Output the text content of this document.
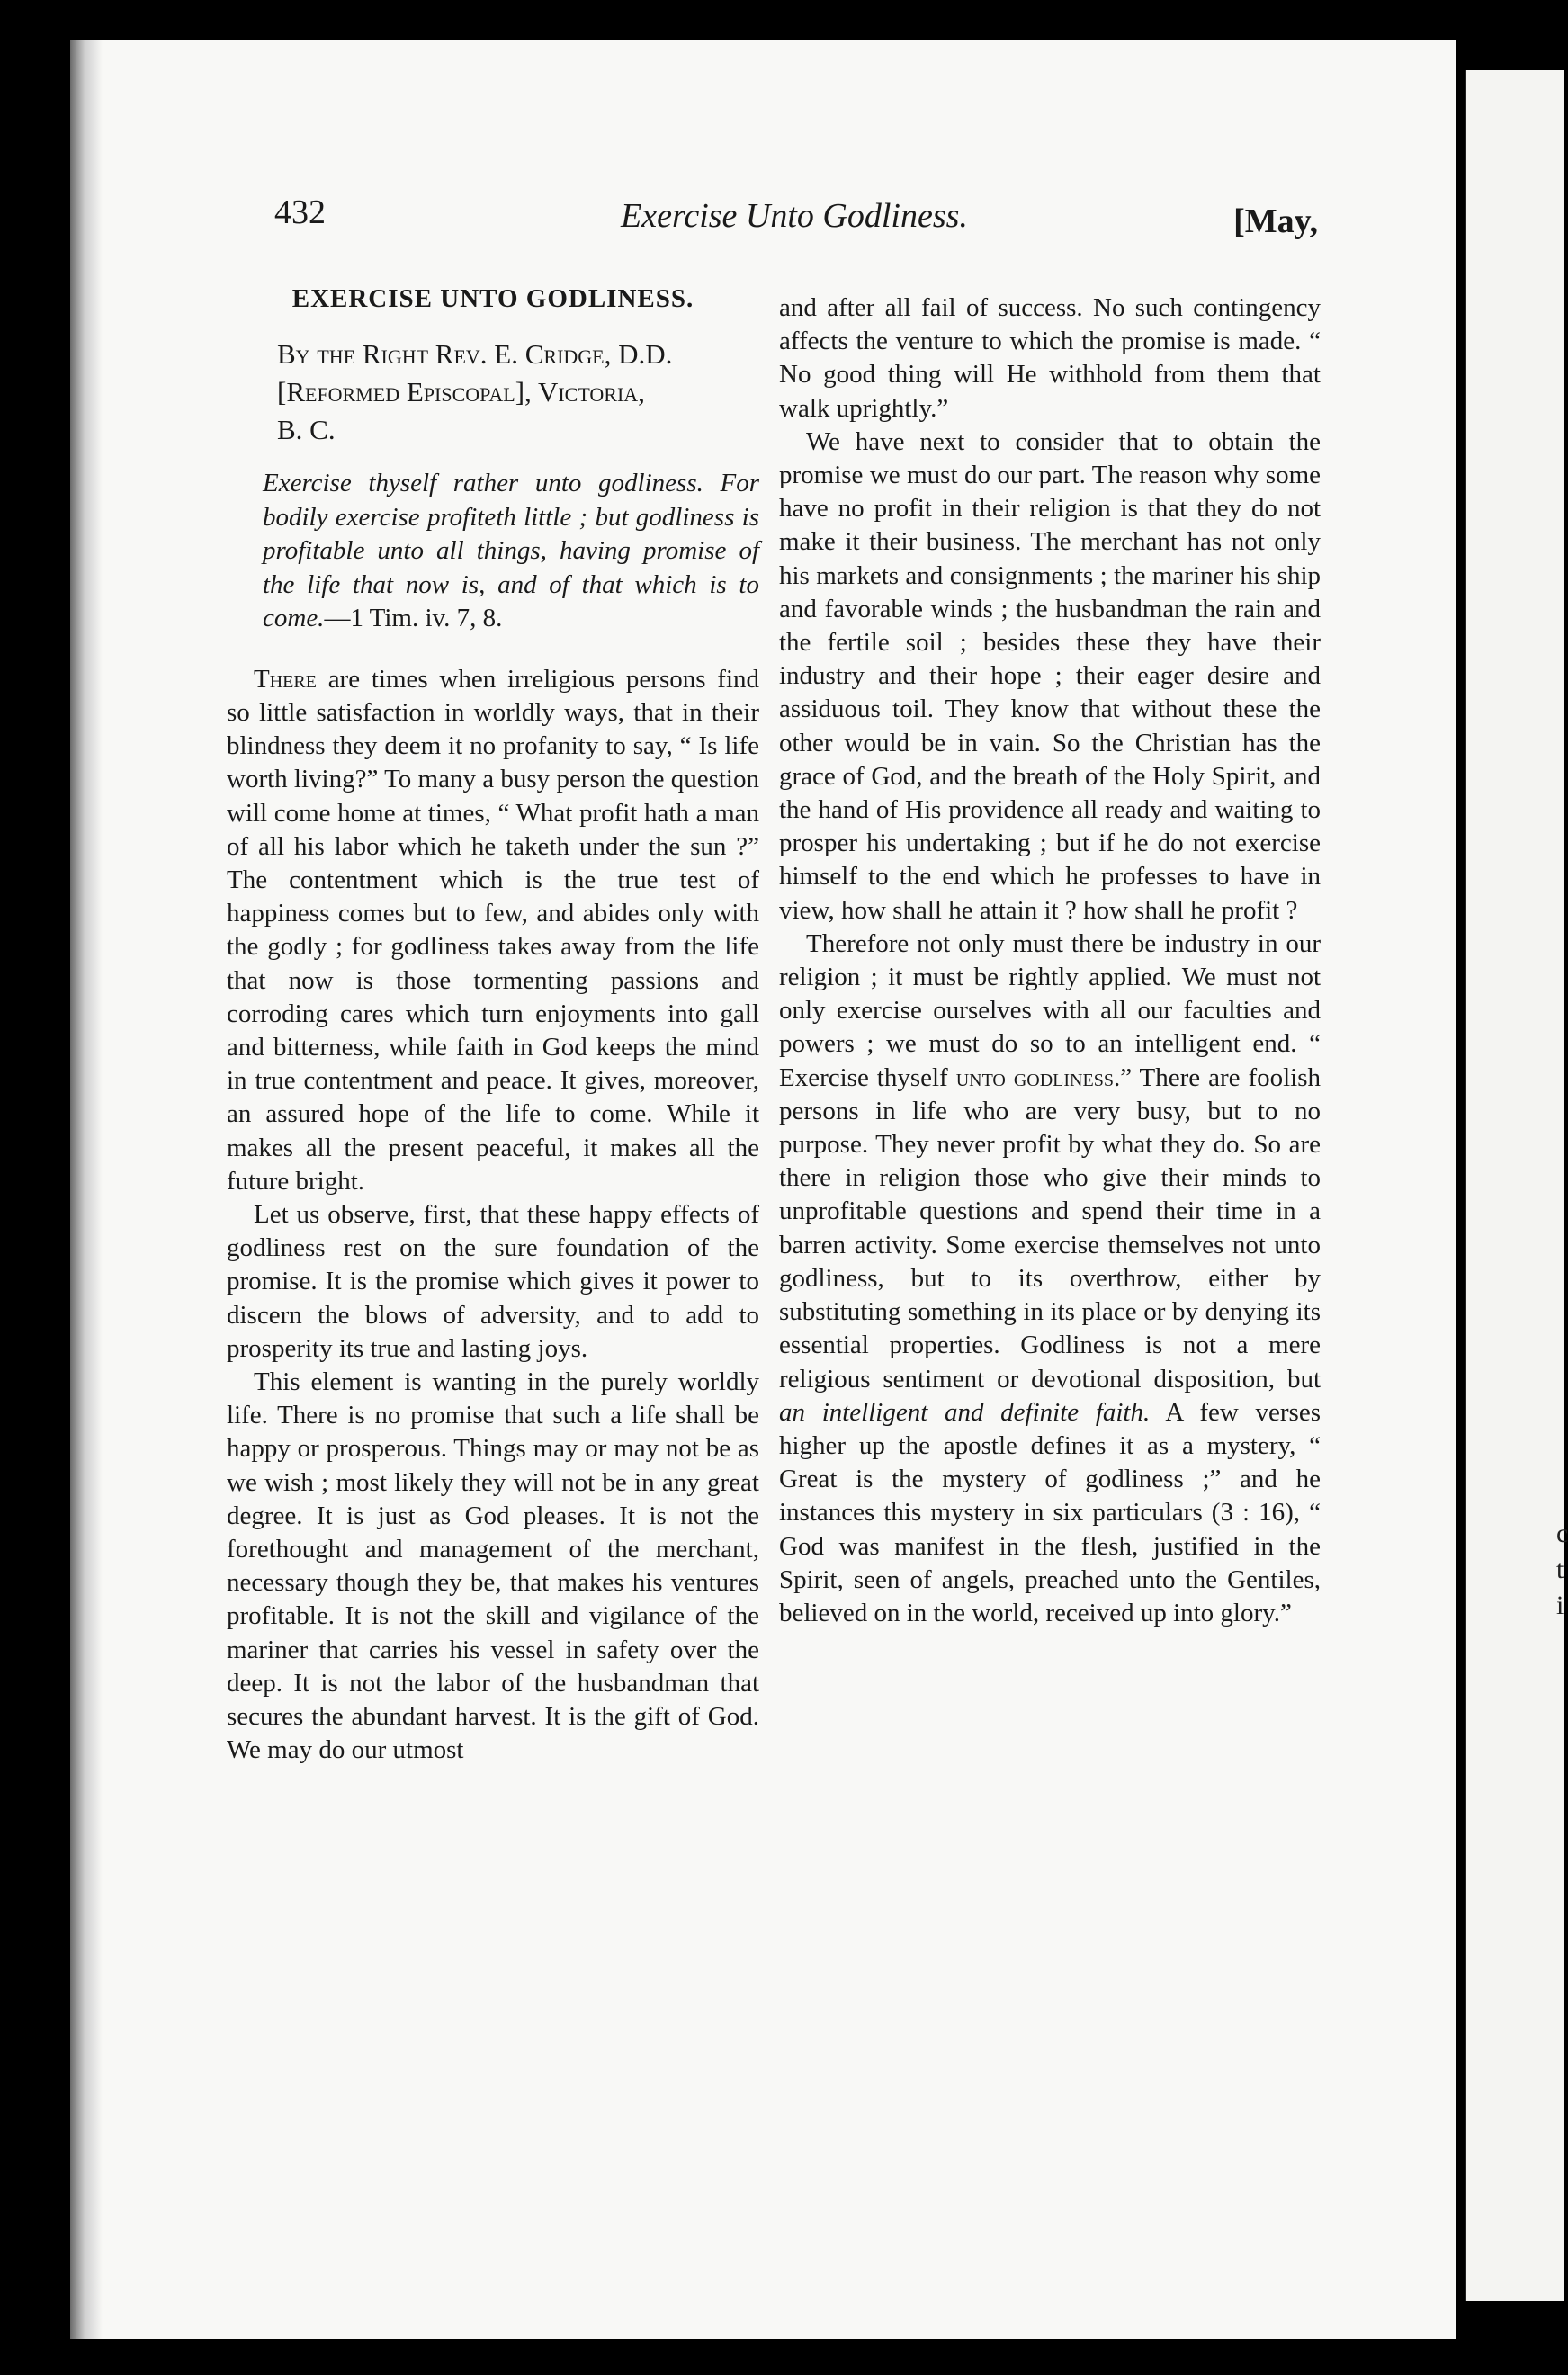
c
t
i
432	Exercise Unto Godliness.	[May,
EXERCISE UNTO GODLINESS.
By the Right Rev. E. Cridge, D.D.
[Reformed Episcopal], Victoria,
B. C.
Exercise thyself rather unto godliness. For bodily exercise profiteth little ; but godliness is profitable unto all things, having promise of the life that now is, and of that which is to come.—1 Tim. iv. 7, 8.

There are times when irreligious persons find so little satisfaction in worldly ways, that in their blindness they deem it no profanity to say, “ Is life worth living?” To many a busy person the question will come home at times, “ What profit hath a man of all his labor which he taketh under the sun ?” The contentment which is the true test of happiness comes but to few, and abides only with the godly ; for godliness takes away from the life that now is those tormenting passions and corroding cares which turn enjoyments into gall and bitterness, while faith in God keeps the mind in true contentment and peace. It gives, moreover, an assured hope of the life to come. While it makes all the present peaceful, it makes all the future bright.

Let us observe, first, that these happy effects of godliness rest on the sure foundation of the promise. It is the promise which gives it power to discern the blows of adversity, and to add to prosperity its true and lasting joys.

This element is wanting in the purely worldly life. There is no promise that such a life shall be happy or prosperous. Things may or may not be as we wish ; most likely they will not be in any great degree. It is just as God pleases. It is not the forethought and management of the merchant, necessary though they be, that makes his ventures profitable. It is not the skill and vigilance of the mariner that carries his vessel in safety over the deep. It is not the labor of the husbandman that secures the abundant harvest. It is the gift of God. We may do our utmost

and after all fail of success. No such contingency affects the venture to which the promise is made. “ No good thing will He withhold from them that walk uprightly.”

We have next to consider that to obtain the promise we must do our part. The reason why some have no profit in their religion is that they do not make it their business. The merchant has not only his markets and consignments ; the mariner his ship and favorable winds ; the husbandman the rain and the fertile soil ; besides these they have their industry and their hope ; their eager desire and assiduous toil. They know that without these the other would be in vain. So the Christian has the grace of God, and the breath of the Holy Spirit, and the hand of His providence all ready and waiting to prosper his undertaking ; but if he do not exercise himself to the end which he professes to have in view, how shall he attain it ? how shall he profit ?

Therefore not only must there be industry in our religion ; it must be rightly applied. We must not only exercise ourselves with all our faculties and powers ; we must do so to an intelligent end. “ Exercise thyself unto godliness.” There are foolish persons in life who are very busy, but to no purpose. They never profit by what they do. So are there in religion those who give their minds to unprofitable questions and spend their time in a barren activity. Some exercise themselves not unto godliness, but to its overthrow, either by substituting something in its place or by denying its essential properties. Godliness is not a mere religious sentiment or devotional disposition, but an intelligent and definite faith. A few verses higher up the apostle defines it as a mystery, “ Great is the mystery of godliness ;” and he instances this mystery in six particulars (3 : 16), “ God was manifest in the flesh, justified in the Spirit, seen of angels, preached unto the Gentiles, believed on in the world, received up into glory.”
